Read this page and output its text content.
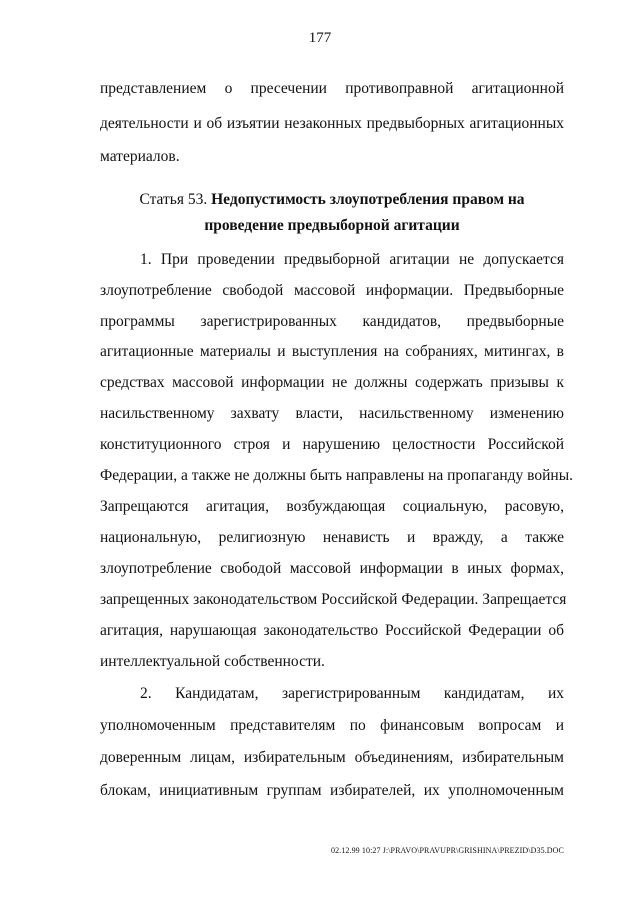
177
представлением о пресечении противоправной агитационной
деятельности и об изъятии незаконных предвыборных агитационных
материалов.
Статья 53. Недопустимость злоупотребления правом на
проведение предвыборной агитации
1. При проведении предвыборной агитации не допускается
злоупотребление свободой массовой информации. Предвыборные
программы зарегистрированных кандидатов, предвыборные
агитационные материалы и выступления на собраниях, митингах, в
средствах массовой информации не должны содержать призывы к
насильственному захвату власти, насильственному изменению
конституционного строя и нарушению целостности Российской
Федерации, а также не должны быть направлены на пропаганду войны.
Запрещаются агитация, возбуждающая социальную, расовую,
национальную, религиозную ненависть и вражду, а также
злоупотребление свободой массовой информации в иных формах,
запрещенных законодательством Российской Федерации. Запрещается
агитация, нарушающая законодательство Российской Федерации об
интеллектуальной собственности.
2. Кандидатам, зарегистрированным кандидатам, их
уполномоченным представителям по финансовым вопросам и
доверенным лицам, избирательным объединениям, избирательным
блокам, инициативным группам избирателей, их уполномоченным
02.12.99 10:27 J:\PRAVO\PRAVUPR\GRISHINA\PREZID\D35.DOC
